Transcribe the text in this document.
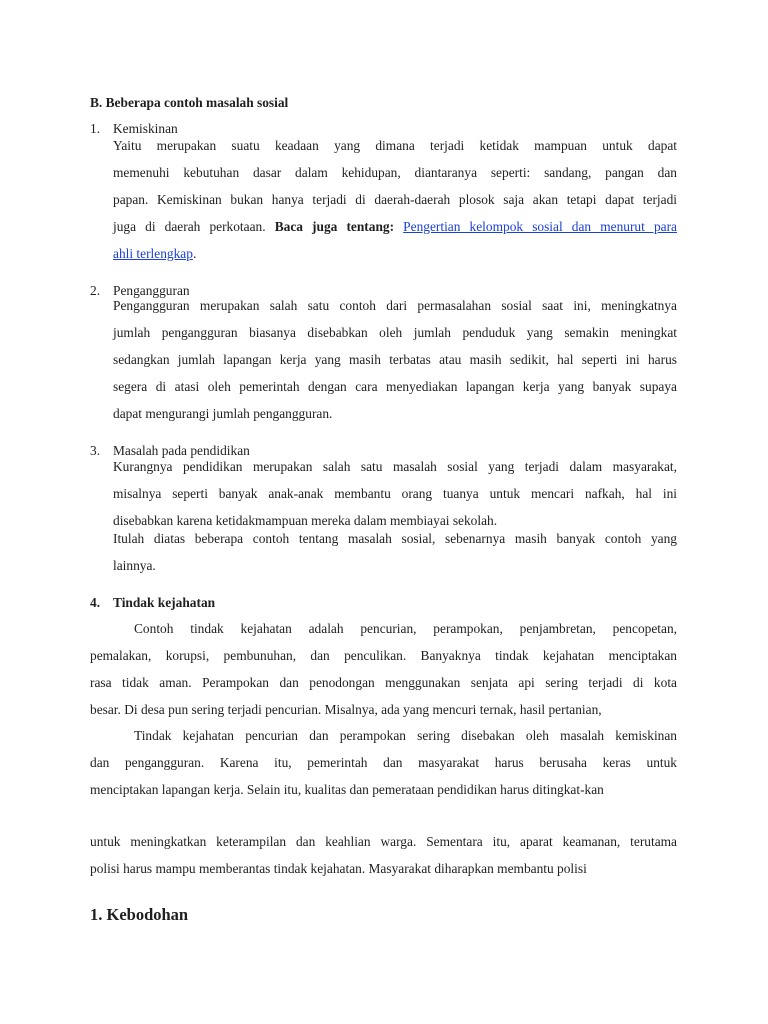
B. Beberapa contoh masalah sosial
1. Kemiskinan
Yaitu merupakan suatu keadaan yang dimana terjadi ketidak mampuan untuk dapat
memenuhi kebutuhan dasar dalam kehidupan, diantaranya seperti: sandang, pangan dan
papan. Kemiskinan bukan hanya terjadi di daerah-daerah plosok saja akan tetapi dapat terjadi
juga di daerah perkotaan. Baca juga tentang: Pengertian kelompok sosial dan menurut para
ahli terlengkap.
2. Pengangguran
Pengangguran merupakan salah satu contoh dari permasalahan sosial saat ini, meningkatnya
jumlah pengangguran biasanya disebabkan oleh jumlah penduduk yang semakin meningkat
sedangkan jumlah lapangan kerja yang masih terbatas atau masih sedikit, hal seperti ini harus
segera di atasi oleh pemerintah dengan cara menyediakan lapangan kerja yang banyak supaya
dapat mengurangi jumlah pengangguran.
3. Masalah pada pendidikan
Kurangnya pendidikan merupakan salah satu masalah sosial yang terjadi dalam masyarakat,
misalnya seperti banyak anak-anak membantu orang tuanya untuk mencari nafkah, hal ini
disebabkan karena ketidakmampuan mereka dalam membiayai sekolah.
Itulah diatas beberapa contoh tentang masalah sosial, sebenarnya masih banyak contoh yang
lainnya.
4. Tindak kejahatan
Contoh tindak kejahatan adalah pencurian, perampokan, penjambretan, pencopetan,
pemalakan, korupsi, pembunuhan, dan penculikan. Banyaknya tindak kejahatan menciptakan
rasa tidak aman. Perampokan dan penodongan menggunakan senjata api sering terjadi di kota
besar. Di desa pun sering terjadi pencurian. Misalnya, ada yang mencuri ternak, hasil pertanian,
Tindak kejahatan pencurian dan perampokan sering disebakan oleh masalah kemiskinan
dan pengangguran. Karena itu, pemerintah dan masyarakat harus berusaha keras untuk
menciptakan lapangan kerja. Selain itu, kualitas dan pemerataan pendidikan harus ditingkat-kan
untuk meningkatkan keterampilan dan keahlian warga. Sementara itu, aparat keamanan, terutama
polisi harus mampu memberantas tindak kejahatan. Masyarakat diharapkan membantu polisi
1. Kebodohan
